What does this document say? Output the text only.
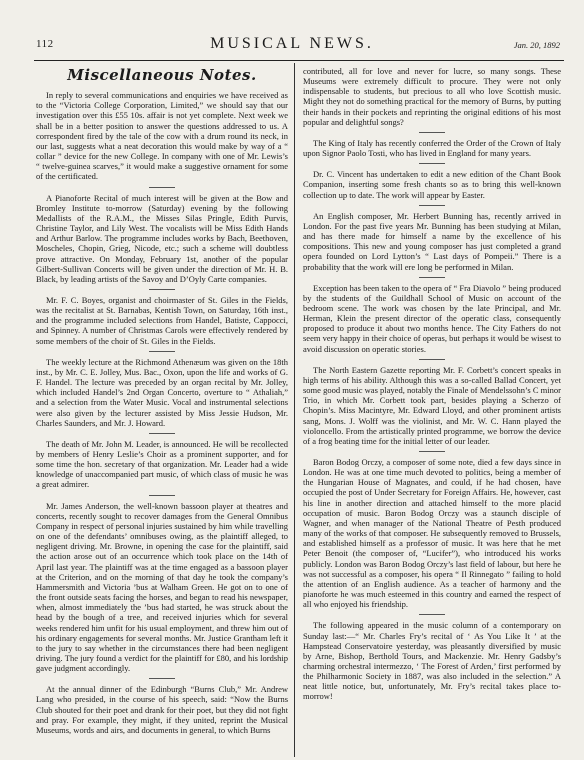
112	MUSICAL NEWS.	Jan. 20, 1892
Miscellaneous Notes.

In reply to several communications and enquiries we have received as to the “Victoria College Corporation, Limited,” we should say that our investigation over this £55 10s. affair is not yet complete. Next week we shall be in a better position to answer the questions addressed to us. A correspondent fired by the tale of the cow with a drum round its neck, in our last, suggests what a neat decoration this would make by way of a “ collar ” device for the new College. In company with one of Mr. Lewis’s “ twelve-guinea scarves,” it would make a suggestive ornament for some of the certificated.

A Pianoforte Recital of much interest will be given at the Bow and Bromley Institute to-morrow (Saturday) evening by the following Medallists of the R.A.M., the Misses Silas Pringle, Edith Purvis, Christine Taylor, and Lily West. The vocalists will be Miss Edith Hands and Arthur Barlow. The programme includes works by Bach, Beethoven, Moscheles, Chopin, Grieg, Nicode, etc.; such a scheme will doubtless prove attractive. On Monday, February 1st, another of the popular Gilbert-Sullivan Concerts will be given under the direction of Mr. H. B. Black, by leading artists of the Savoy and D’Oyly Carte companies.

Mr. F. C. Boyes, organist and choirmaster of St. Giles in the Fields, was the recitalist at St. Barnabas, Kentish Town, on Saturday, 16th inst., and the programme included selections from Handel, Batiste, Cappocci, and Spinney. A number of Christmas Carols were effectively rendered by some members of the choir of St. Giles in the Fields.

The weekly lecture at the Richmond Athenæum was given on the 18th inst., by Mr. C. E. Jolley, Mus. Bac., Oxon, upon the life and works of G. F. Handel. The lecture was preceded by an organ recital by Mr. Jolley, which included Handel’s 2nd Organ Concerto, overture to “ Athaliah,” and a selection from the Water Music. Vocal and instrumental selections were also given by the lecturer assisted by Miss Jessie Hudson, Mr. Charles Saunders, and Mr. J. Howard.

The death of Mr. John M. Leader, is announced. He will be recollected by members of Henry Leslie’s Choir as a prominent supporter, and for some time the hon. secretary of that organization. Mr. Leader had a wide knowledge of unaccompanied part music, of which class of music he was a great admirer.

Mr. James Anderson, the well-known bassoon player at theatres and concerts, recently sought to recover damages from the General Omnibus Company in respect of personal injuries sustained by him while travelling on one of the defendants’ omnibuses owing, as the plaintiff alleged, to negligent driving. Mr. Browne, in opening the case for the plaintiff, said the action arose out of an occurrence which took place on the 14th of April last year. The plaintiff was at the time engaged as a bassoon player at the Criterion, and on the morning of that day he took the company’s Hammersmith and Victoria ’bus at Walham Green. He got on to one of the front outside seats facing the horses, and began to read his newspaper, when, almost immediately the ’bus had started, he was struck about the head by the bough of a tree, and received injuries which for several weeks rendered him unfit for his usual employment, and threw him out of his ordinary engagements for several months. Mr. Justice Grantham left it to the jury to say whether in the circumstances there had been negligent driving. The jury found a verdict for the plaintiff for £80, and his lordship gave judgment accordingly.

At the annual dinner of the Edinburgh “Burns Club,” Mr. Andrew Lang who presided, in the course of his speech, said: “Now the Burns Club shouted for their poet and drank for their poet, but they did not fight and pray. For example, they might, if they united, reprint the Musical Museums, words and airs, and documents in general, to which Burns

contributed, all for love and never for lucre, so many songs. These Museums were extremely difficult to procure. They were not only indispensable to students, but precious to all who love Scottish music. Might they not do something practical for the memory of Burns, by putting their hands in their pockets and reprinting the original editions of his most popular and delightful songs?

The King of Italy has recently conferred the Order of the Crown of Italy upon Signor Paolo Tosti, who has lived in England for many years.

Dr. C. Vincent has undertaken to edit a new edition of the Chant Book Companion, inserting some fresh chants so as to bring this well-known collection up to date. The work will appear by Easter.

An English composer, Mr. Herbert Bunning has, recently arrived in London. For the past five years Mr. Bunning has been studying at Milan, and has there made for himself a name by the excellence of his compositions. This new and young composer has just completed a grand opera founded on Lord Lytton’s “ Last days of Pompeii.” There is a probability that the work will ere long be performed in Milan.

Exception has been taken to the opera of “ Fra Diavolo ” being produced by the students of the Guildhall School of Music on account of the bedroom scene. The work was chosen by the late Principal, and Mr. Herman, Klein the present director of the operatic class, consequently proposed to produce it about two months hence. The City Fathers do not seem very happy in their choice of operas, but perhaps it would be wisest to avoid discussion on operatic stories.

The North Eastern Gazette reporting Mr. F. Corbett’s concert speaks in high terms of his ability. Although this was a so-called Ballad Concert, yet some good music was played, notably the Finale of Mendelssohn’s C minor Trio, in which Mr. Corbett took part, besides playing a Scherzo of Chopin’s. Miss Macintyre, Mr. Edward Lloyd, and other prominent artists sang, Mons. J. Wolff was the violinist, and Mr. W. C. Hann played the violoncello. From the artistically printed programme, we borrow the device of a frog beating time for the initial letter of our leader.

Baron Bodog Orczy, a composer of some note, died a few days since in London. He was at one time much devoted to politics, being a member of the Hungarian House of Magnates, and could, if he had chosen, have occupied the post of Under Secretary for Foreign Affairs. He, however, cast his line in another direction and attached himself to the more placid occupation of music. Baron Bodog Orczy was a staunch disciple of Wagner, and when manager of the National Theatre of Pesth produced many of the works of that composer. He subsequently removed to Brussels, and established himself as a professor of music. It was here that he met Peter Benoit (the composer of, “Lucifer”), who introduced his works publicly. London was Baron Bodog Orczy’s last field of labour, but here he was not successful as a composer, his opera “ Il Rinnegato ” failing to hold the attention of an English audience. As a teacher of harmony and the pianoforte he was much esteemed in this country and earned the respect of all who enjoyed his friendship.

The following appeared in the music column of a contemporary on Sunday last:—“ Mr. Charles Fry’s recital of ‘ As You Like It ’ at the Hampstead Conservatoire yesterday, was pleasantly diversified by music by Arne, Bishop, Berthold Tours, and Mackenzie. Mr. Henry Gadsby’s charming orchestral intermezzo, ‘ The Forest of Arden,’ first performed by the Philharmonic Society in 1887, was also included in the selection.” A neat little notice, but, unfortunately, Mr. Fry’s recital takes place to-morrow!
